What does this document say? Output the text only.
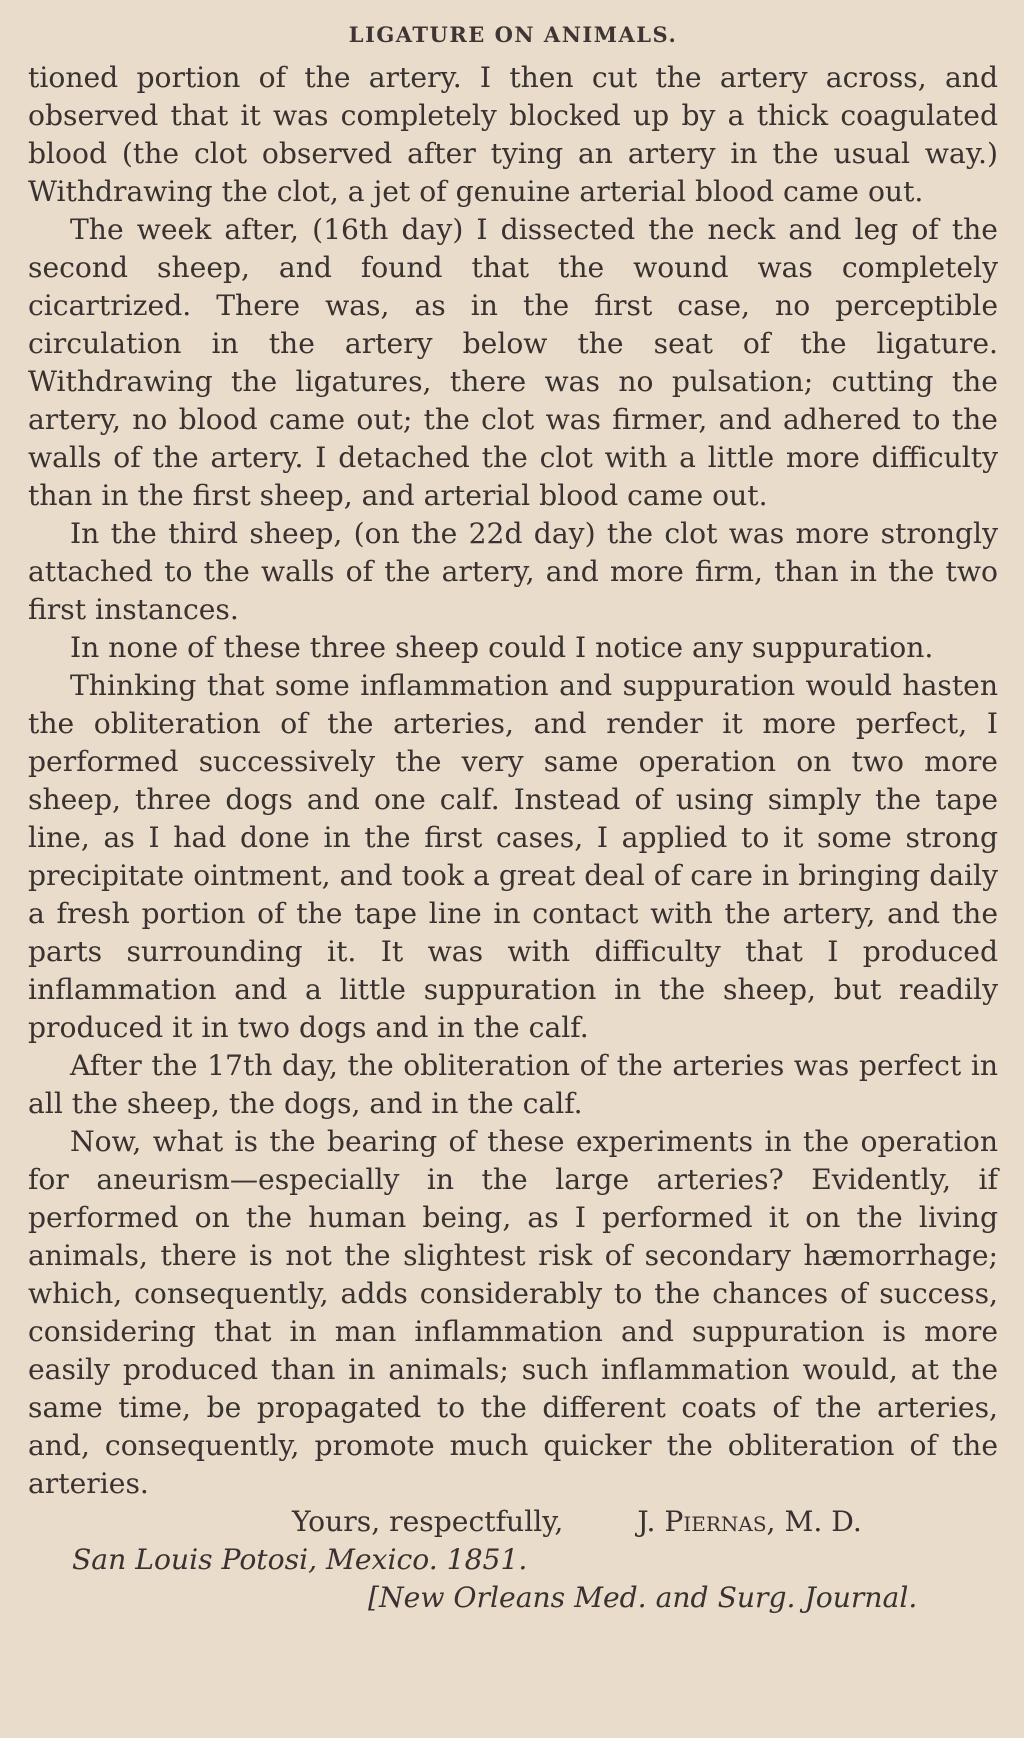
LIGATURE ON ANIMALS.

tioned portion of the artery. I then cut the artery across, and observed that it was completely blocked up by a thick coagulated blood (the clot observed after tying an artery in the usual way.) Withdrawing the clot, a jet of genuine arterial blood came out.

The week after, (16th day) I dissected the neck and leg of the second sheep, and found that the wound was completely cicartrized. There was, as in the first case, no perceptible circulation in the artery below the seat of the ligature. Withdrawing the ligatures, there was no pulsation; cutting the artery, no blood came out; the clot was firmer, and adhered to the walls of the artery. I detached the clot with a little more difficulty than in the first sheep, and arterial blood came out.

In the third sheep, (on the 22d day) the clot was more strongly attached to the walls of the artery, and more firm, than in the two first instances.

In none of these three sheep could I notice any suppuration.

Thinking that some inflammation and suppuration would hasten the obliteration of the arteries, and render it more perfect, I performed successively the very same operation on two more sheep, three dogs and one calf. Instead of using simply the tape line, as I had done in the first cases, I applied to it some strong precipitate ointment, and took a great deal of care in bringing daily a fresh portion of the tape line in contact with the artery, and the parts surrounding it. It was with difficulty that I produced inflammation and a little suppuration in the sheep, but readily produced it in two dogs and in the calf.

After the 17th day, the obliteration of the arteries was perfect in all the sheep, the dogs, and in the calf.

Now, what is the bearing of these experiments in the operation for aneurism—especially in the large arteries? Evidently, if performed on the human being, as I performed it on the living animals, there is not the slightest risk of secondary hæmorrhage; which, consequently, adds considerably to the chances of success, considering that in man inflammation and suppuration is more easily produced than in animals; such inflammation would, at the same time, be propagated to the different coats of the arteries, and, consequently, promote much quicker the obliteration of the arteries.

Yours, respectfully,	J. Piernas, M. D.
San Louis Potosi, Mexico. 1851.
[New Orleans Med. and Surg. Journal.
